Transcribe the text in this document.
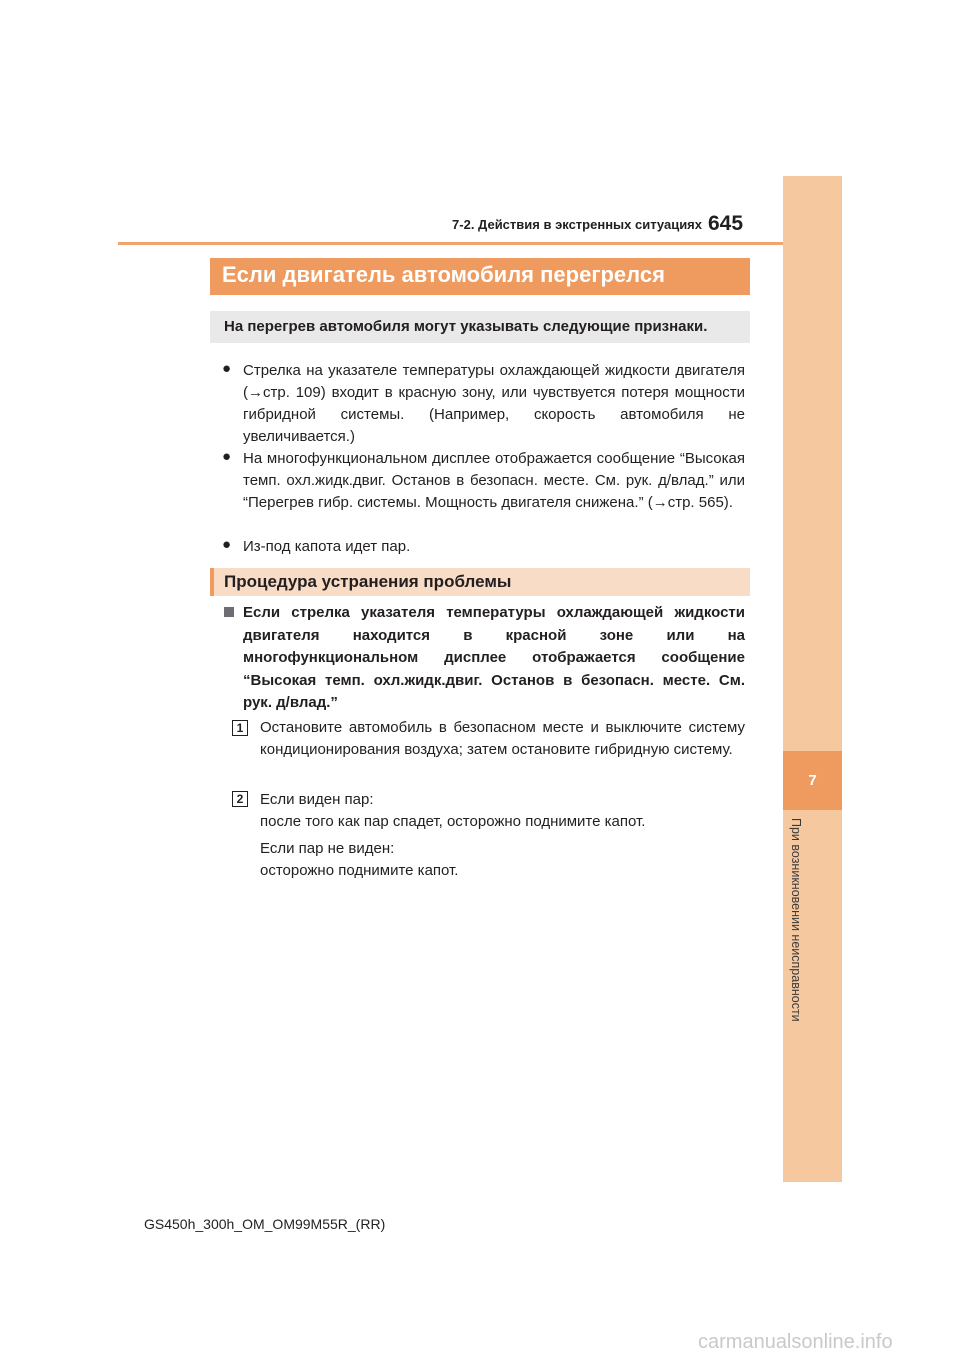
7-2. Действия в экстренных ситуациях 645
7
При возникновении неисправности
Если двигатель автомобиля перегрелся
На перегрев автомобиля могут указывать следующие признаки.
● Стрелка на указателе температуры охлаждающей жидкости двигателя (→стр. 109) входит в красную зону, или чувствуется потеря мощности гибридной системы. (Например, скорость автомобиля не увеличивается.)
● На многофункциональном дисплее отображается сообщение “Высокая темп. охл.жидк.двиг. Останов в безопасн. месте. См. рук. д/влад.” или “Перегрев гибр. системы. Мощность двигателя снижена.” (→стр. 565).
● Из-под капота идет пар.
Процедура устранения проблемы
Если стрелка указателя температуры охлаждающей жидкости двигателя находится в красной зоне или на многофункциональном дисплее отображается сообщение “Высокая темп. охл.жидк.двиг. Останов в безопасн. месте. См. рук. д/влад.”
1	Остановите автомобиль в безопасном месте и выключите систему кондиционирования воздуха; затем остановите гибридную систему.
2	Если виден пар:
после того как пар спадет, осторожно поднимите капот.
Если пар не виден:
осторожно поднимите капот.
GS450h_300h_OM_OM99M55R_(RR)
carmanualsonline.info
